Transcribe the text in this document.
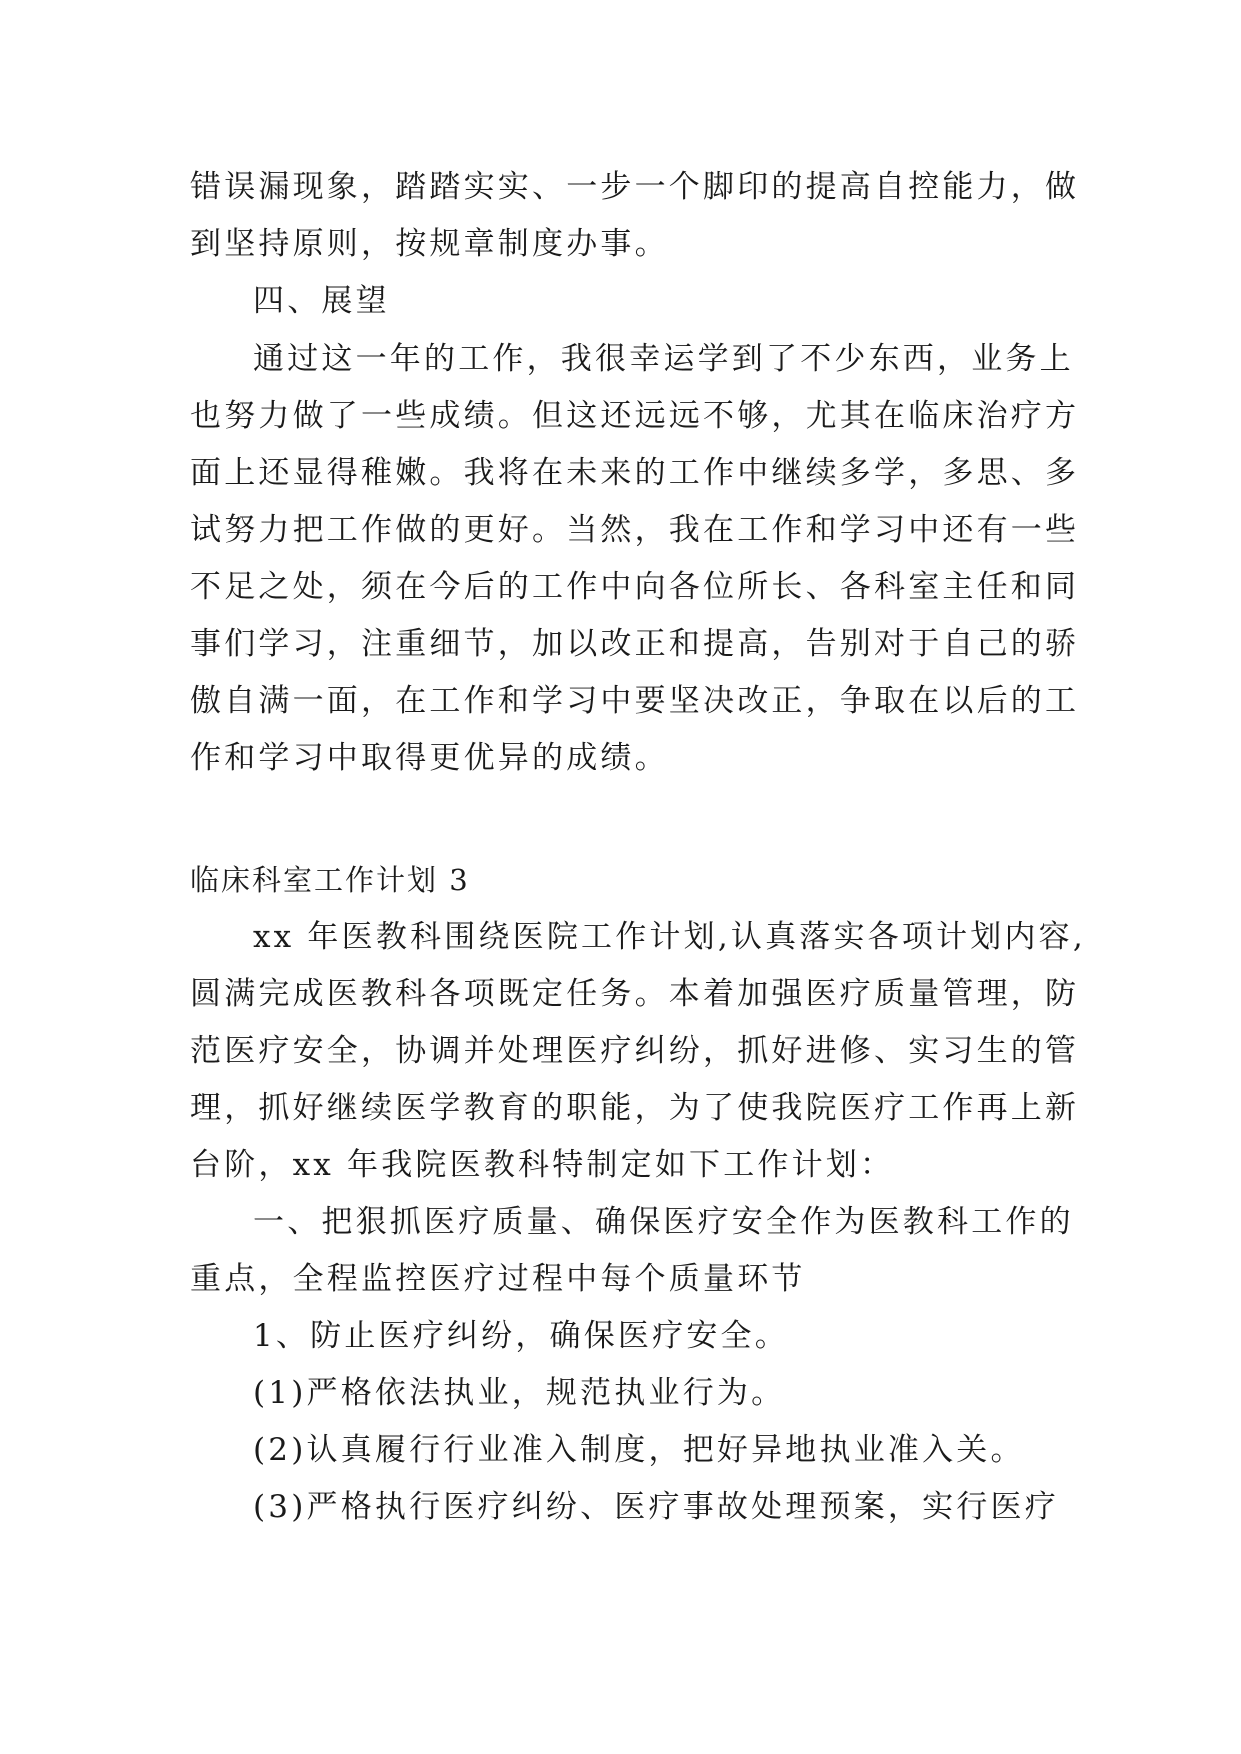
错误漏现象，踏踏实实、一步一个脚印的提高自控能力，做
到坚持原则，按规章制度办事。
四、展望
通过这一年的工作，我很幸运学到了不少东西，业务上
也努力做了一些成绩。但这还远远不够，尤其在临床治疗方
面上还显得稚嫩。我将在未来的工作中继续多学，多思、多
试努力把工作做的更好。当然，我在工作和学习中还有一些
不足之处，须在今后的工作中向各位所长、各科室主任和同
事们学习，注重细节，加以改正和提高，告别对于自己的骄
傲自满一面，在工作和学习中要坚决改正，争取在以后的工
作和学习中取得更优异的成绩。
临床科室工作计划 3
xx 年医教科围绕医院工作计划,认真落实各项计划内容,
圆满完成医教科各项既定任务。本着加强医疗质量管理，防
范医疗安全，协调并处理医疗纠纷，抓好进修、实习生的管
理，抓好继续医学教育的职能，为了使我院医疗工作再上新
台阶，xx 年我院医教科特制定如下工作计划：
一、把狠抓医疗质量、确保医疗安全作为医教科工作的
重点，全程监控医疗过程中每个质量环节
1、防止医疗纠纷，确保医疗安全。
(1)严格依法执业，规范执业行为。
(2)认真履行行业准入制度，把好异地执业准入关。
(3)严格执行医疗纠纷、医疗事故处理预案，实行医疗
